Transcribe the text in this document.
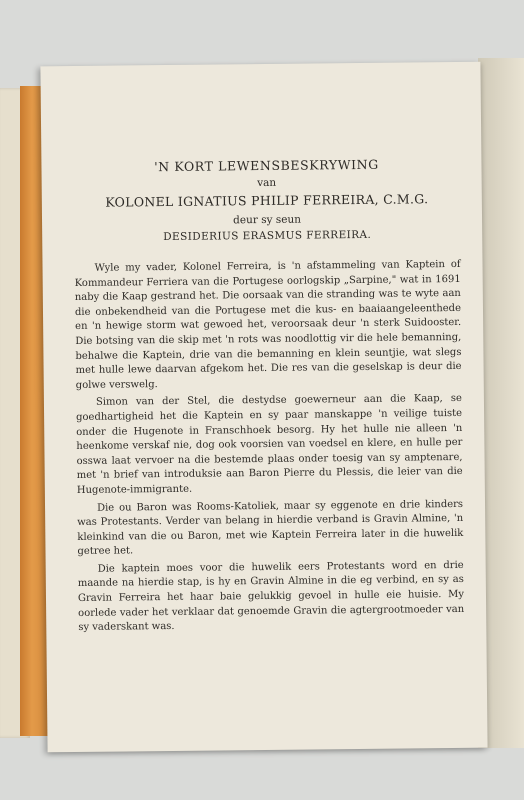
'N KORT LEWENSBESKRYWING

van

KOLONEL IGNATIUS PHILIP FERREIRA, C.M.G.

deur sy seun

DESIDERIUS ERASMUS FERREIRA.

Wyle my vader, Kolonel Ferreira, is 'n afstammeling van Kaptein of Kommandeur Ferriera van die Portugese oorlogskip „Sarpine," wat in 1691 naby die Kaap gestrand het. Die oorsaak van die stranding was te wyte aan die onbekendheid van die Portugese met die kus- en baaiaangeleenthede en 'n hewige storm wat gewoed het, veroorsaak deur 'n sterk Suidooster. Die botsing van die skip met 'n rots was noodlottig vir die hele bemanning, behalwe die Kaptein, drie van die bemanning en klein seuntjie, wat slegs met hulle lewe daarvan afgekom het. Die res van die geselskap is deur die golwe verswelg.

Simon van der Stel, die destydse goewerneur aan die Kaap, se goedhartigheid het die Kaptein en sy paar manskappe 'n veilige tuiste onder die Hugenote in Franschhoek besorg. Hy het hulle nie alleen 'n heenkome verskaf nie, dog ook voorsien van voedsel en klere, en hulle per osswa laat vervoer na die bestemde plaas onder toesig van sy amptenare, met 'n brief van introduksie aan Baron Pierre du Plessis, die leier van die Hugenote-immigrante.

Die ou Baron was Rooms-Katoliek, maar sy eggenote en drie kinders was Protestants. Verder van belang in hierdie verband is Gravin Almine, 'n kleinkind van die ou Baron, met wie Kaptein Ferreira later in die huwelik getree het.

Die kaptein moes voor die huwelik eers Protestants word en drie maande na hierdie stap, is hy en Gravin Almine in die eg verbind, en sy as Gravin Ferreira het haar baie gelukkig gevoel in hulle eie huisie. My oorlede vader het verklaar dat genoemde Gravin die agtergrootmoeder van sy vaderskant was.
